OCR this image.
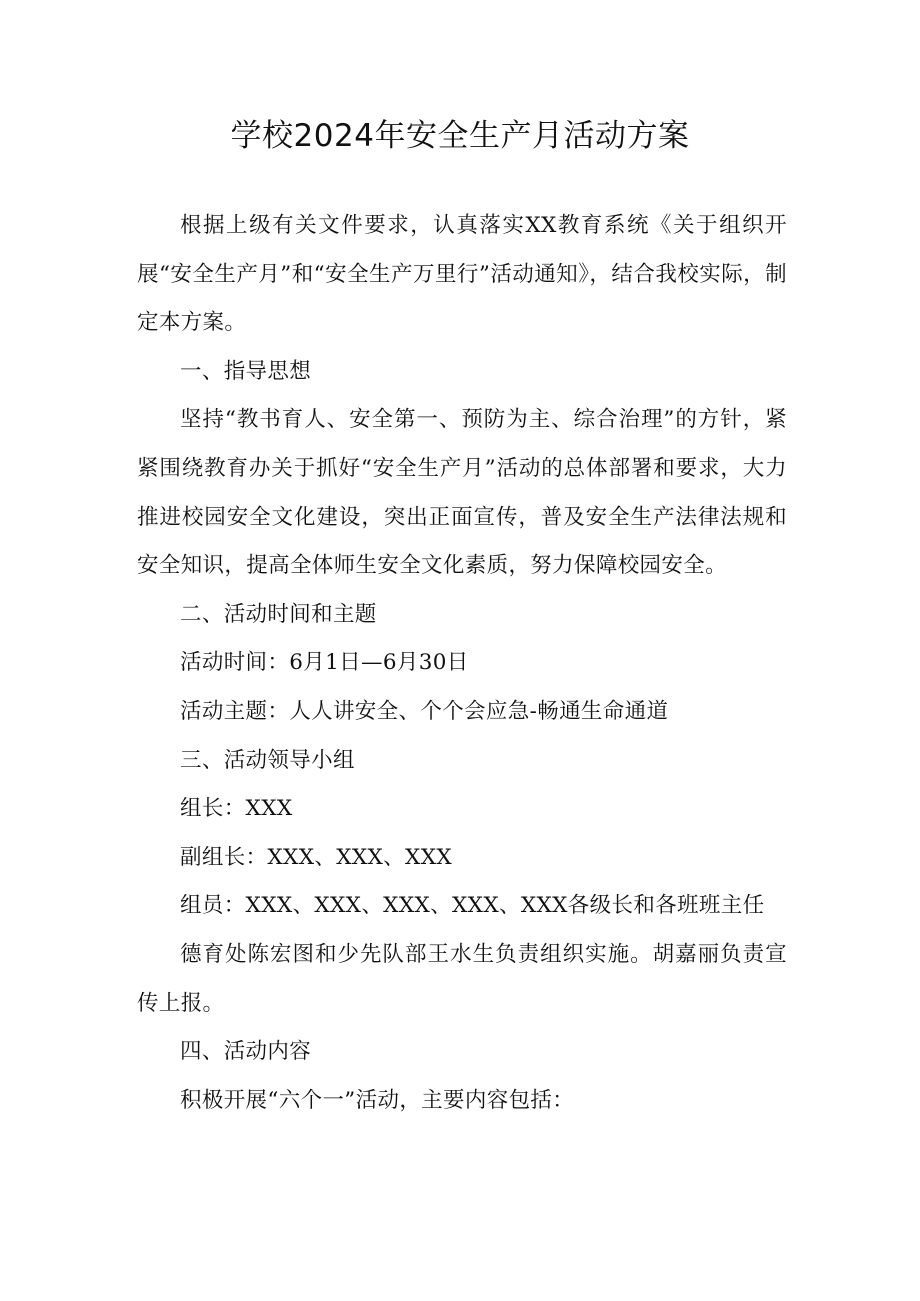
学校2024年安全生产月活动方案

根据上级有关文件要求，认真落实XX教育系统《关于组织开展“安全生产月”和“安全生产万里行”活动通知》，结合我校实际，制定本方案。

一、指导思想

坚持“教书育人、安全第一、预防为主、综合治理”的方针，紧紧围绕教育办关于抓好“安全生产月”活动的总体部署和要求，大力推进校园安全文化建设，突出正面宣传，普及安全生产法律法规和安全知识，提高全体师生安全文化素质，努力保障校园安全。

二、活动时间和主题

活动时间：6月1日—6月30日

活动主题：人人讲安全、个个会应急-畅通生命通道

三、活动领导小组

组长：XXX

副组长：XXX、XXX、XXX

组员：XXX、XXX、XXX、XXX、XXX各级长和各班班主任

德育处陈宏图和少先队部王水生负责组织实施。胡嘉丽负责宣传上报。

四、活动内容

积极开展“六个一”活动，主要内容包括：
